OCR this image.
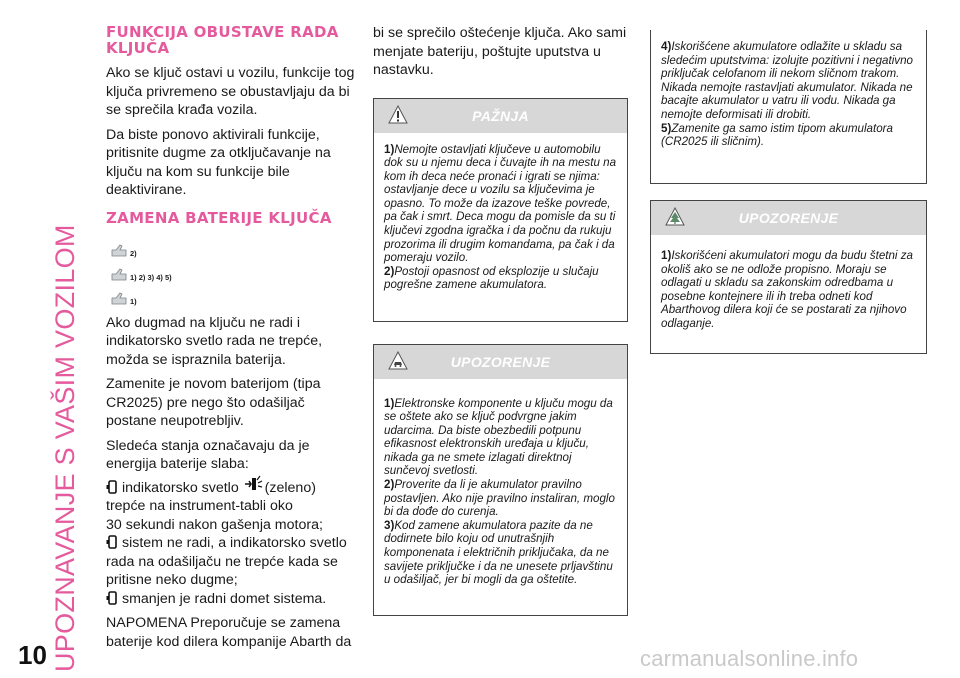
UPOZNAVANJE S VAŠIM VOZILOM
10
FUNKCIJA OBUSTAVE RADA KLJUČA

Ako se ključ ostavi u vozilu, funkcije tog ključa privremeno se obustavljaju da bi se sprečila krađa vozila.

Da biste ponovo aktivirali funkcije, pritisnite dugme za otključavanje na ključu na kom su funkcije bile deaktivirane.

ZAMENA BATERIJE KLJUČA
2)
1) 2) 3) 4) 5)
1)

Ako dugmad na ključu ne radi i indikatorsko svetlo rada ne trepće, možda se ispraznila baterija.

Zamenite je novom baterijom (tipa CR2025) pre nego što odašiljač postane neupotrebljiv.

Sledeća stanja označavaju da je energija baterije slaba:

indikatorsko svetlo (zeleno)
trepće na instrument-tabli oko
30 sekundi nakon gašenja motora;
sistem ne radi, a indikatorsko svetlo
rada na odašiljaču ne trepće kada se
pritisne neko dugme;
smanjen je radni domet sistema.

NAPOMENA Preporučuje se zamena baterije kod dilera kompanije Abarth da

bi se sprečilo oštećenje ključa. Ako sami menjate bateriju, poštujte uputstva u nastavku.

PAŽNJA

1)Nemojte ostavljati ključeve u automobilu dok su u njemu deca i čuvajte ih na mestu na kom ih deca neće pronaći i igrati se njima: ostavljanje dece u vozilu sa ključevima je opasno. To može da izazove teške povrede, pa čak i smrt. Deca mogu da pomisle da su ti ključevi zgodna igračka i da počnu da rukuju prozorima ili drugim komandama, pa čak i da pomeraju vozilo.

2)Postoji opasnost od eksplozije u slučaju pogrešne zamene akumulatora.

UPOZORENJE

1)Elektronske komponente u ključu mogu da se oštete ako se ključ podvrgne jakim udarcima. Da biste obezbedili potpunu efikasnost elektronskih uređaja u ključu, nikada ga ne smete izlagati direktnoj sunčevoj svetlosti.

2)Proverite da li je akumulator pravilno postavljen. Ako nije pravilno instaliran, moglo bi da dođe do curenja.

3)Kod zamene akumulatora pazite da ne dodirnete bilo koju od unutrašnjih komponenata i električnih priključaka, da ne savijete priključke i da ne unesete prljavštinu u odašiljač, jer bi mogli da ga oštetite.

4)Iskorišćene akumulatore odlažite u skladu sa sledećim uputstvima: izolujte pozitivni i negativno priključak celofanom ili nekom sličnom trakom. Nikada nemojte rastavljati akumulator. Nikada ne bacajte akumulator u vatru ili vodu. Nikada ga nemojte deformisati ili drobiti.

5)Zamenite ga samo istim tipom akumulatora (CR2025 ili sličnim).

UPOZORENJE

1)Iskorišćeni akumulatori mogu da budu štetni za okoliš ako se ne odlože propisno. Moraju se odlagati u skladu sa zakonskim odredbama u posebne kontejnere ili ih treba odneti kod Abarthovog dilera koji će se postarati za njihovo odlaganje.

carmanualsonline.info
